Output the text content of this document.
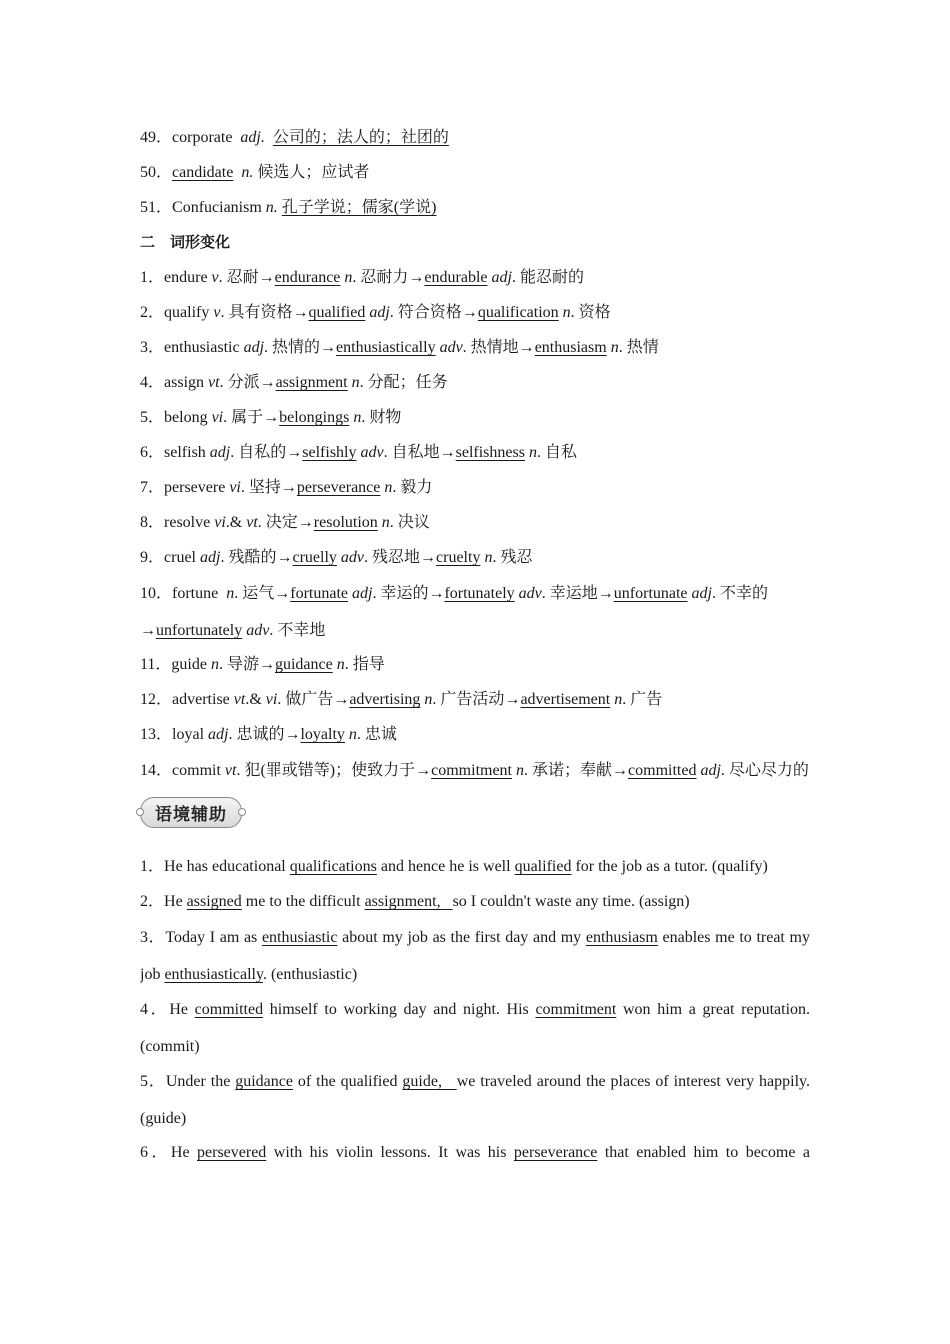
49．corporate adj. 公司的；法人的；社团的
50．candidate n. 候选人；应试者
51．Confucianism n. 孔子学说；儒家(学说)
二　词形变化
1．endure v. 忍耐→endurance n. 忍耐力→endurable adj. 能忍耐的
2．qualify v. 具有资格→qualified adj. 符合资格→qualification n. 资格
3．enthusiastic adj. 热情的→enthusiastically adv. 热情地→enthusiasm n. 热情
4．assign vt. 分派→assignment n. 分配；任务
5．belong vi. 属于→belongings n. 财物
6．selfish adj. 自私的→selfishly adv. 自私地→selfishness n. 自私
7．persevere vi. 坚持→perseverance n. 毅力
8．resolve vi.& vt. 决定→resolution n. 决议
9．cruel adj. 残酷的→cruelly adv. 残忍地→cruelty n. 残忍
10．fortune n. 运气→fortunate adj. 幸运的→fortunately adv. 幸运地→unfortunate adj. 不幸的 →unfortunately adv. 不幸地
11．guide n. 导游→guidance n. 指导
12．advertise vt.& vi. 做广告→advertising n. 广告活动→advertisement n. 广告
13．loyal adj. 忠诚的→loyalty n. 忠诚
14．commit vt. 犯(罪或错等)；使致力于→commitment n. 承诺；奉献→committed adj. 尽心尽力的
语境辅助
1．He has educational qualifications and hence he is well qualified for the job as a tutor. (qualify)
2．He assigned me to the difficult assignment, so I couldn't waste any time. (assign)
3．Today I am as enthusiastic about my job as the first day and my enthusiasm enables me to treat my job enthusiastically. (enthusiastic)
4．He committed himself to working day and night. His commitment won him a great reputation. (commit)
5．Under the guidance of the qualified guide, we traveled around the places of interest very happily. (guide)
6．He persevered with his violin lessons. It was his perseverance that enabled him to become a
